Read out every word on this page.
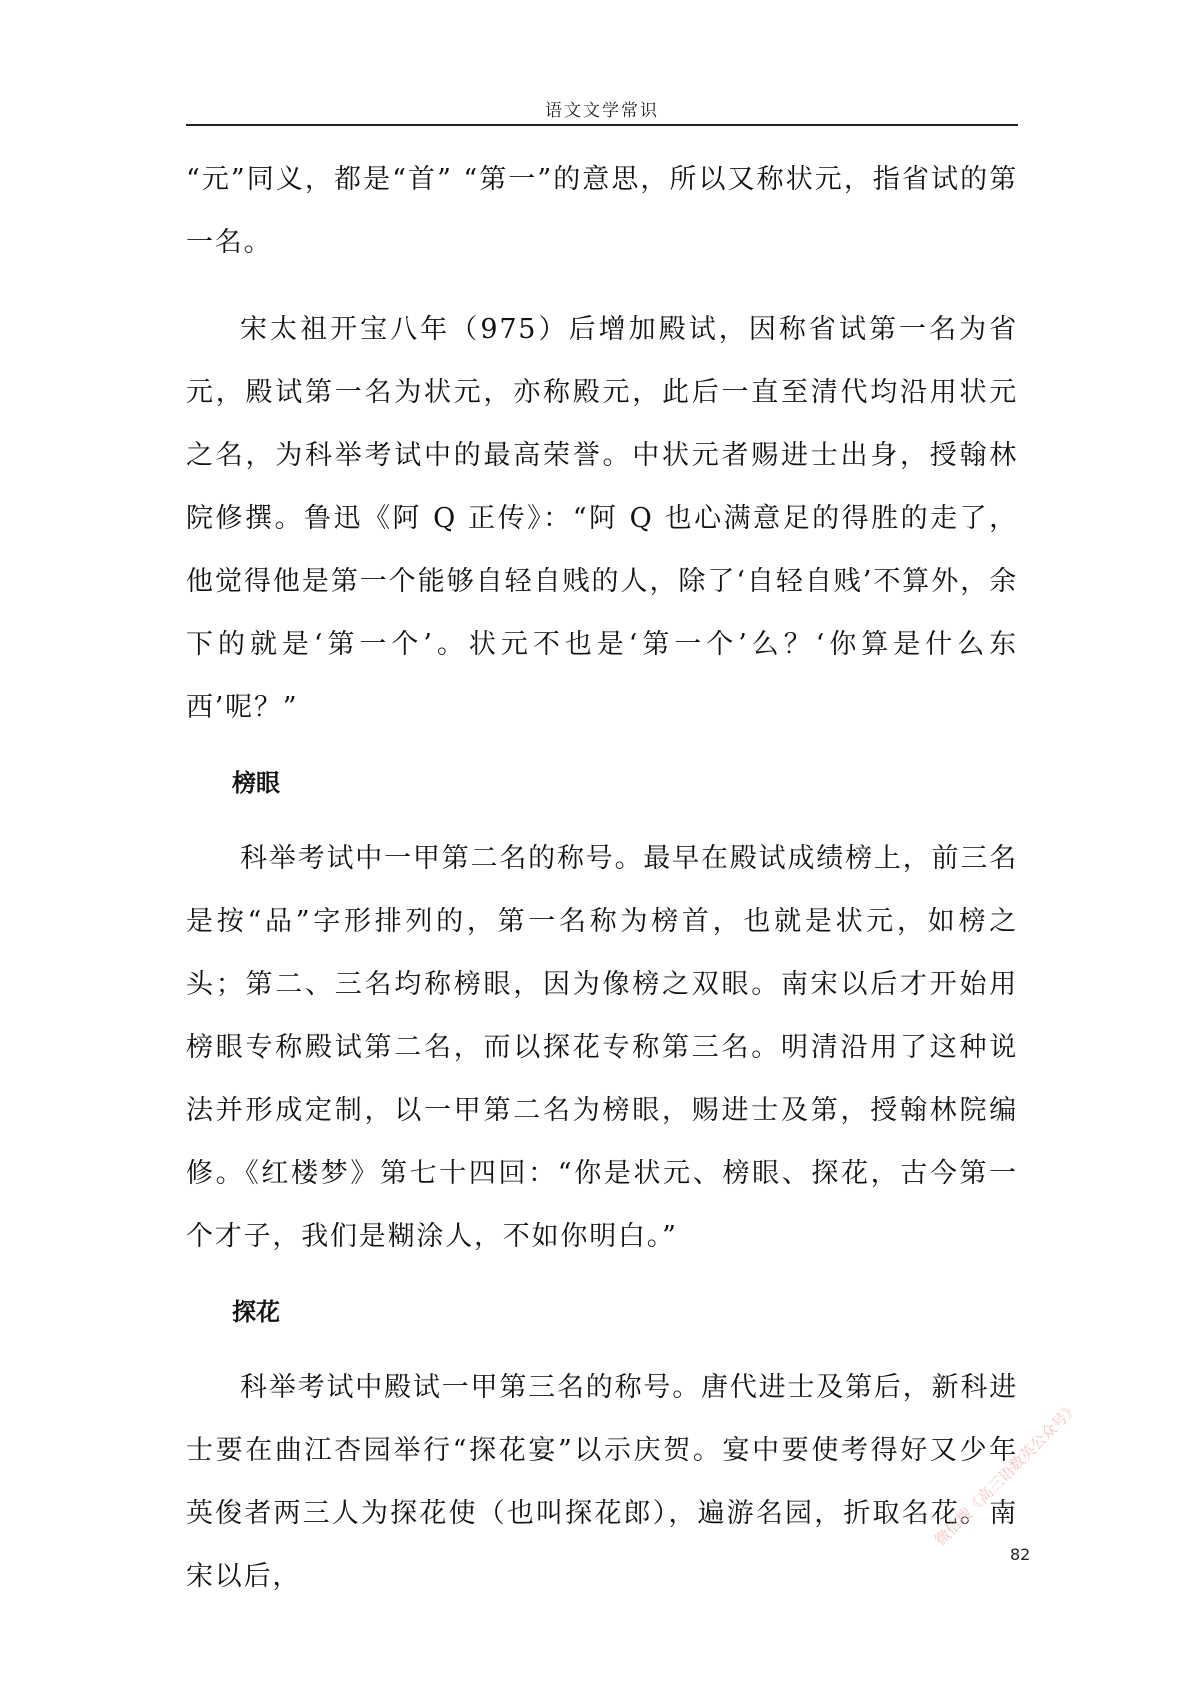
语文文学常识

“元”同义，都是“首” “第一”的意思，所以又称状元，指省试的第一名。

宋太祖开宝八年（975）后增加殿试，因称省试第一名为省元，殿试第一名为状元，亦称殿元，此后一直至清代均沿用状元之名，为科举考试中的最高荣誉。中状元者赐进士出身，授翰林院修撰。鲁迅《阿 Q 正传》：“阿 Q 也心满意足的得胜的走了，他觉得他是第一个能够自轻自贱的人，除了‘自轻自贱’不算外，余下的就是‘第一个’。状元不也是‘第一个’么？‘你算是什么东西’呢？”

榜眼

科举考试中一甲第二名的称号。最早在殿试成绩榜上，前三名是按“品”字形排列的，第一名称为榜首，也就是状元，如榜之头；第二、三名均称榜眼，因为像榜之双眼。南宋以后才开始用榜眼专称殿试第二名，而以探花专称第三名。明清沿用了这种说法并形成定制，以一甲第二名为榜眼，赐进士及第，授翰林院编修。《红楼梦》第七十四回：“你是状元、榜眼、探花，古今第一个才子，我们是糊涂人，不如你明白。”

探花

科举考试中殿试一甲第三名的称号。唐代进士及第后，新科进士要在曲江杏园举行“探花宴”以示庆贺。宴中要使考得好又少年英俊者两三人为探花使（也叫探花郎），遍游名园，折取名花。南宋以后，

微信搜《高三语数英公众号》
82
